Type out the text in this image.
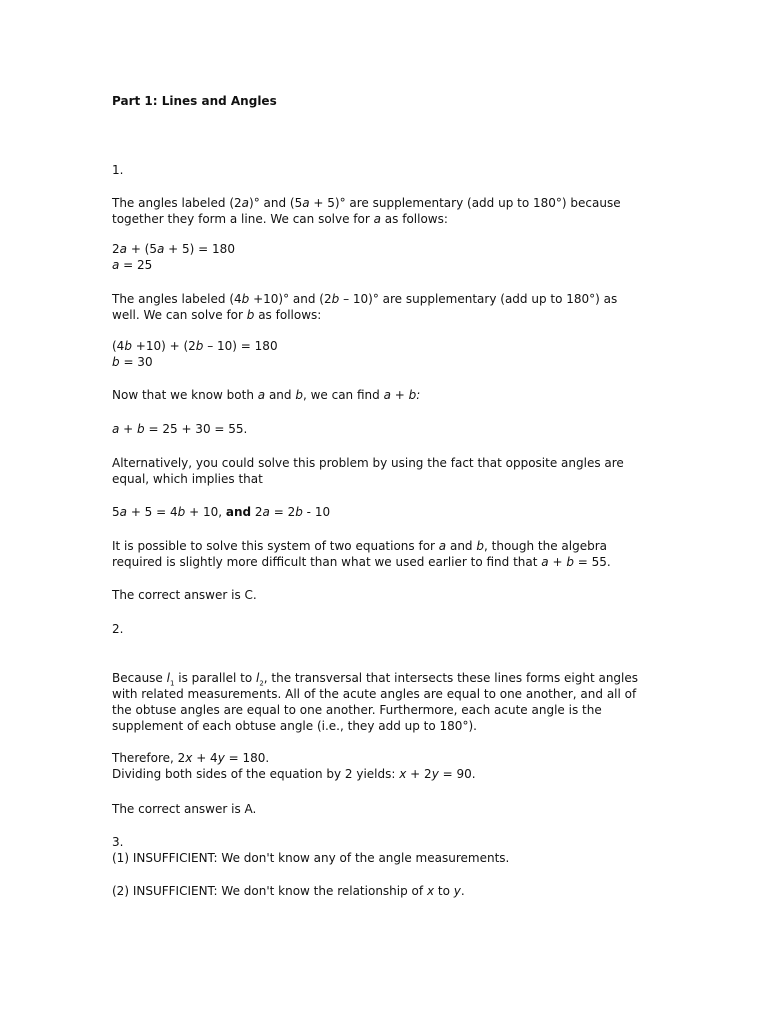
Part 1: Lines and Angles

1.

The angles labeled (2a)° and (5a + 5)° are supplementary (add up to 180°) because together they form a line. We can solve for a as follows:

2a + (5a + 5) = 180

a = 25

The angles labeled (4b +10)° and (2b – 10)° are supplementary (add up to 180°) as well. We can solve for b as follows:

(4b +10) + (2b – 10) = 180

b = 30

Now that we know both a and b, we can find a + b:

a + b = 25 + 30 = 55.

Alternatively, you could solve this problem by using the fact that opposite angles are equal, which implies that

5a + 5 = 4b + 10, and 2a = 2b - 10

It is possible to solve this system of two equations for a and b, though the algebra required is slightly more difficult than what we used earlier to find that a + b = 55.

The correct answer is C.

2.

Because $l_1$ is parallel to $l_2$, the transversal that intersects these lines forms eight angles with related measurements. All of the acute angles are equal to one another, and all of the obtuse angles are equal to one another. Furthermore, each acute angle is the supplement of each obtuse angle (i.e., they add up to 180°).

Therefore, 2x + 4y = 180.

Dividing both sides of the equation by 2 yields: x + 2y = 90.

The correct answer is A.

3.

(1) INSUFFICIENT: We don't know any of the angle measurements.

(2) INSUFFICIENT: We don't know the relationship of x to y.
